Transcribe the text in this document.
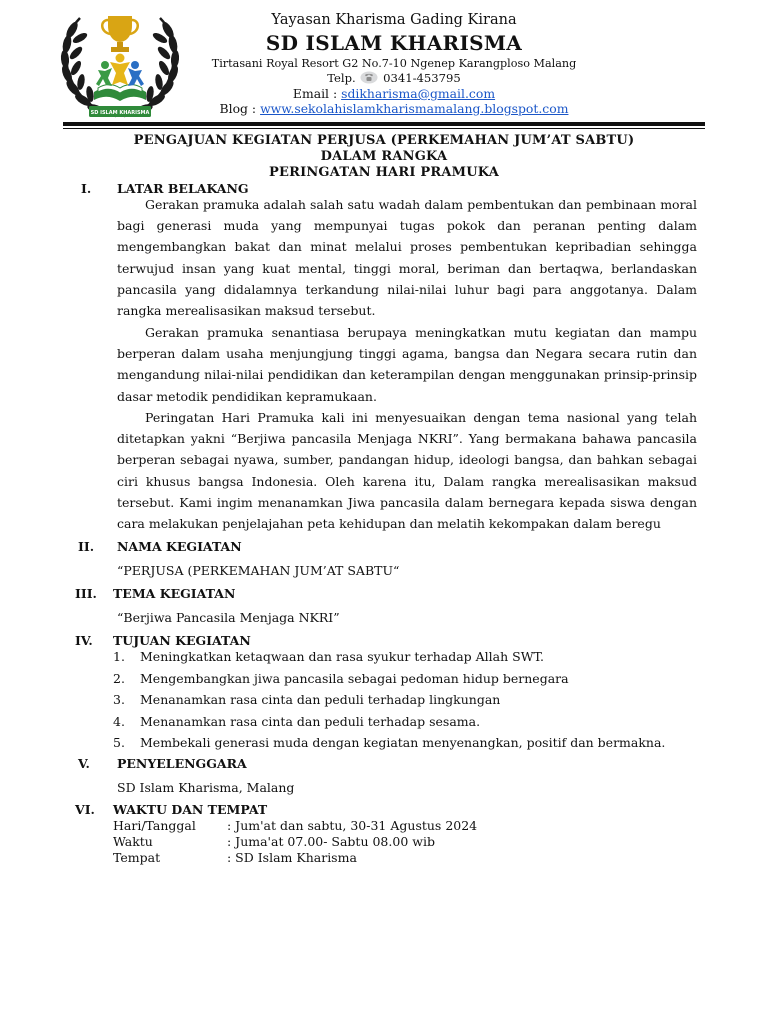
SD ISLAM KHARISMA
Yayasan Kharisma Gading Kirana
SD ISLAM KHARISMA
Tirtasani Royal Resort G2 No.7-10 Ngenep Karangploso Malang
Telp. 0341-453795
Email : sdikharisma@gmail.com
Blog : www.sekolahislamkharismamalang.blogspot.com
PENGAJUAN KEGIATAN PERJUSA (PERKEMAHAN JUM’AT SABTU)
DALAM RANGKA
PERINGATAN HARI PRAMUKA
I. LATAR BELAKANG

Gerakan pramuka adalah salah satu wadah dalam pembentukan dan pembinaan moral bagi generasi muda yang mempunyai tugas pokok dan peranan penting dalam mengembangkan bakat dan minat melalui proses pembentukan kepribadian sehingga terwujud insan yang kuat mental, tinggi moral, beriman dan bertaqwa, berlandaskan pancasila yang didalamnya terkandung nilai-nilai luhur bagi para anggotanya. Dalam rangka merealisasikan maksud tersebut.

Gerakan pramuka senantiasa berupaya meningkatkan mutu kegiatan dan mampu berperan dalam usaha menjungjung tinggi agama, bangsa dan Negara secara rutin dan mengandung nilai-nilai pendidikan dan keterampilan dengan menggunakan prinsip-prinsip dasar metodik pendidikan kepramukaan.

Peringatan Hari Pramuka kali ini menyesuaikan dengan tema nasional yang telah ditetapkan yakni “Berjiwa pancasila Menjaga NKRI”. Yang bermakana bahawa pancasila berperan sebagai nyawa, sumber, pandangan hidup, ideologi bangsa, dan bahkan sebagai ciri khusus bangsa Indonesia. Oleh karena itu, Dalam rangka merealisasikan maksud tersebut. Kami ingim menanamkan Jiwa pancasila dalam bernegara kepada siswa dengan cara melakukan penjelajahan peta kehidupan dan melatih kekompakan dalam beregu

II. NAMA KEGIATAN
“PERJUSA (PERKEMAHAN JUM’AT SABTU“
III. TEMA KEGIATAN
“Berjiwa Pancasila Menjaga NKRI”
IV. TUJUAN KEGIATAN
1. Meningkatkan ketaqwaan dan rasa syukur terhadap Allah SWT.
2. Mengembangkan jiwa pancasila sebagai pedoman hidup bernegara
3. Menanamkan rasa cinta dan peduli terhadap lingkungan
4. Menanamkan rasa cinta dan peduli terhadap sesama.
5. Membekali generasi muda dengan kegiatan menyenangkan, positif dan bermakna.
V. PENYELENGGARA
SD Islam Kharisma, Malang
VI. WAKTU DAN TEMPAT
Hari/Tanggal : Jum'at dan sabtu, 30-31 Agustus 2024
Waktu	: Juma'at 07.00- Sabtu 08.00 wib
Tempat	: SD Islam Kharisma
